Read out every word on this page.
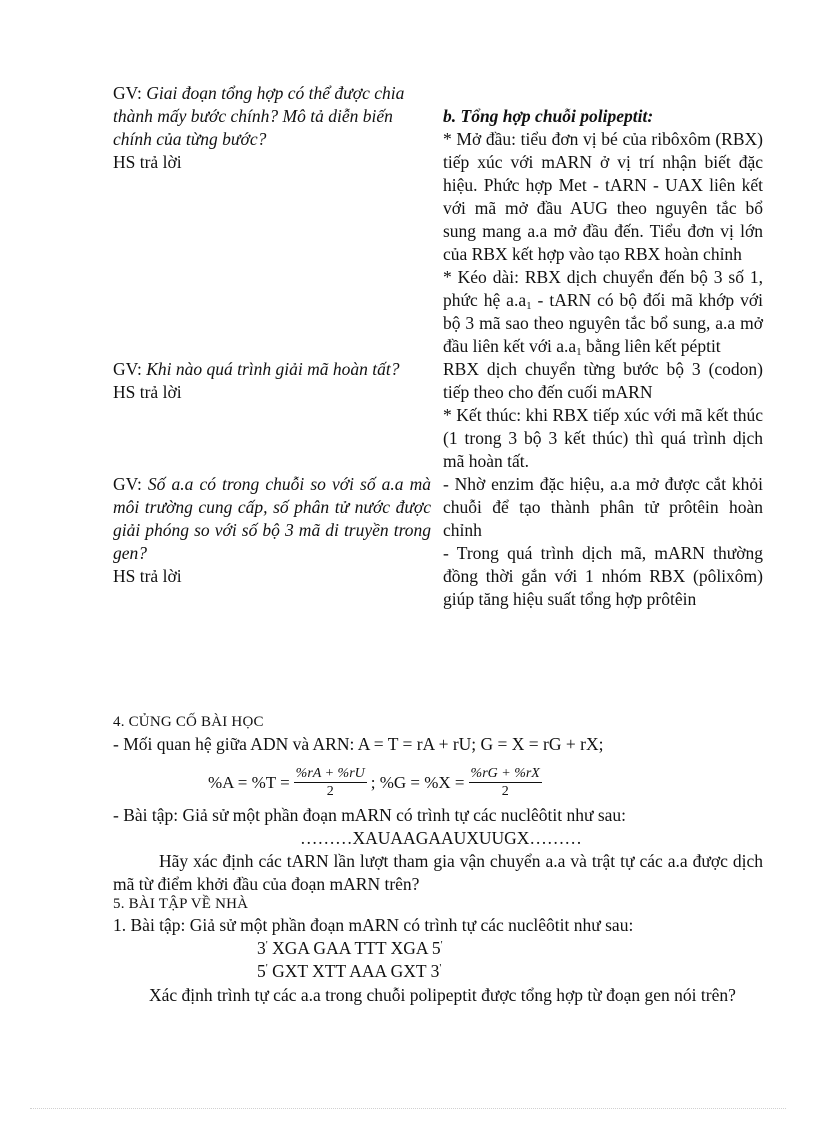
GV: Giai đoạn tổng hợp có thể được chia thành mấy bước chính? Mô tả diễn biến chính của từng bước?
HS trả lời
b. Tổng hợp chuỗi polipeptit:
* Mở đầu: tiểu đơn vị bé của ribôxôm (RBX) tiếp xúc với mARN ở vị trí nhận biết đặc hiệu. Phức hợp Met - tARN - UAX liên kết với mã mở đầu AUG theo nguyên tắc bổ sung mang a.a mở đầu đến. Tiểu đơn vị lớn của RBX kết hợp vào tạo RBX hoàn chỉnh
* Kéo dài: RBX dịch chuyển đến bộ 3 số 1, phức hệ $a.a_1$ - tARN có bộ đối mã khớp với bộ 3 mã sao theo nguyên tắc bổ sung, a.a mở đầu liên kết với $a.a_1$ bằng liên kết péptit
GV: Khi nào quá trình giải mã hoàn tất?
HS trả lời
RBX dịch chuyển từng bước bộ 3 (codon) tiếp theo cho đến cuối mARN
* Kết thúc: khi RBX tiếp xúc với mã kết thúc (1 trong 3 bộ 3 kết thúc) thì quá trình dịch mã hoàn tất.
GV: Số a.a có trong chuỗi so với số a.a mà môi trường cung cấp, số phân tử nước được giải phóng so với số bộ 3 mã di truyền trong gen?
HS trả lời
- Nhờ enzim đặc hiệu, a.a mở được cắt khỏi chuỗi để tạo thành phân tử prôtêin hoàn chỉnh
- Trong quá trình dịch mã, mARN thường đồng thời gắn với 1 nhóm RBX (pôlixôm) giúp tăng hiệu suất tổng hợp prôtêin
4. CỦNG CỐ BÀI HỌC
- Mối quan hệ giữa ADN và ARN: A = T = rA + rU; G = X = rG + rX;
$\%A = \%T = \frac{\%rA + \%rU}{2}$ ; $\%G = \%X = \frac{\%rG + \%rX}{2}$
- Bài tập: Giả sử một phần đoạn mARN có trình tự các nuclêôtit như sau:
………XAUAAGAAUXUUGX………
Hãy xác định các tARN lần lượt tham gia vận chuyển a.a và trật tự các a.a được dịch mã từ điểm khởi đầu của đoạn mARN trên?
5. BÀI TẬP VỀ NHÀ
1. Bài tập: Giả sử một phần đoạn mARN có trình tự các nuclêôtit như sau:
3' XGA GAA TTT XGA 5'
5' GXT XTT AAA GXT 3'
Xác định trình tự các a.a trong chuỗi polipeptit được tổng hợp từ đoạn gen nói trên?
